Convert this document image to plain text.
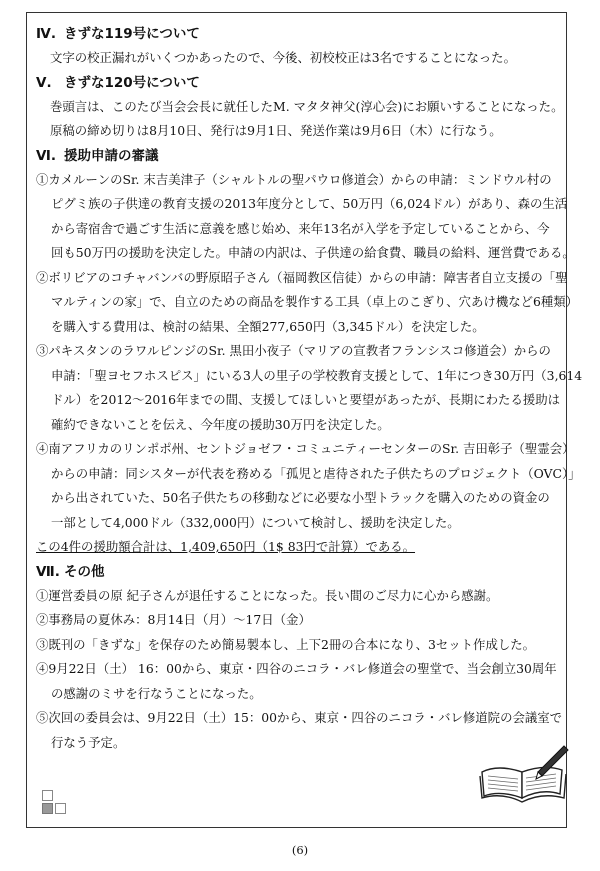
Ⅳ. きずな119号について
文字の校正漏れがいくつかあったので、今後、初校校正は3名ですることになった。
Ⅴ. きずな120号について
巻頭言は、このたび当会会長に就任したM. マタタ神父(淳心会)にお願いすることになった。
原稿の締め切りは8月10日、発行は9月1日、発送作業は9月6日（木）に行なう。
Ⅵ. 援助申請の審議
①カメルーンのSr. 末吉美津子（シャルトルの聖パウロ修道会）からの申請：ミンドウル村の
ピグミ族の子供達の教育支援の2013年度分として、50万円（6,024ドル）があり、森の生活
から寄宿舎で過ごす生活に意義を感じ始め、来年13名が入学を予定していることから、今
回も50万円の援助を決定した。申請の内訳は、子供達の給食費、職員の給料、運営費である。
②ボリビアのコチャバンバの野原昭子さん（福岡教区信徒）からの申請：障害者自立支援の「聖
マルティンの家」で、自立のための商品を製作する工具（卓上のこぎり、穴あけ機など6種類）
を購入する費用は、検討の結果、全額277,650円（3,345ドル）を決定した。
③パキスタンのラワルピンジのSr. 黒田小夜子（マリアの宣教者フランシスコ修道会）からの
申請：「聖ヨセフホスピス」にいる3人の里子の学校教育支援として、1年につき30万円（3,614
ドル）を2012～2016年までの間、支援してほしいと要望があったが、長期にわたる援助は
確約できないことを伝え、今年度の援助30万円を決定した。
④南アフリカのリンポポ州、セントジョゼフ・コミュニティーセンターのSr. 吉田彰子（聖霊会）
からの申請：同シスターが代表を務める「孤児と虐待された子供たちのプロジェクト（OVC）」
から出されていた、50名子供たちの移動などに必要な小型トラックを購入のための資金の
一部として4,000ドル（332,000円）について検討し、援助を決定した。
この4件の援助額合計は、1,409,650円（1$ 83円で計算）である。
Ⅶ. その他
①運営委員の原 紀子さんが退任することになった。長い間のご尽力に心から感謝。
②事務局の夏休み：8月14日（月）～17日（金）
③既刊の「きずな」を保存のため簡易製本し、上下2冊の合本になり、3セット作成した。
④9月22日（土） 16：00から、東京・四谷のニコラ・バレ修道会の聖堂で、当会創立30周年
の感謝のミサを行なうことになった。
⑤次回の委員会は、9月22日（土）15：00から、東京・四谷のニコラ・バレ修道院の会議室で
行なう予定。
(6)
